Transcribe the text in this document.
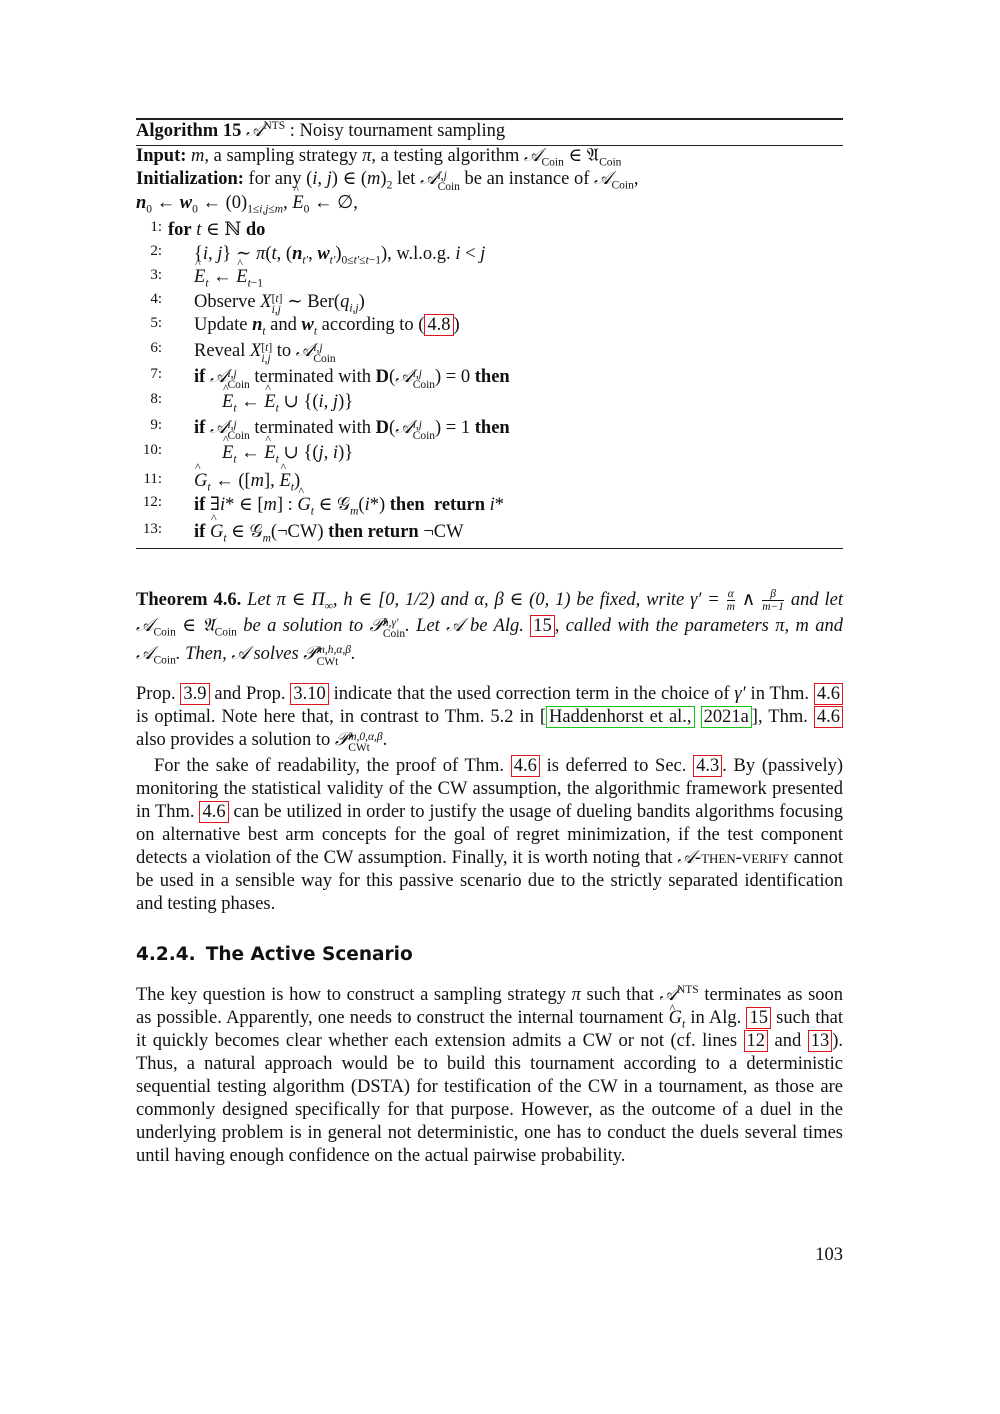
Algorithm 15 𝒜$^{NTS}$ : Noisy tournament sampling
Input: m, a sampling strategy π, a testing algorithm 𝒜$_{Coin}$ ∈ 𝔄$_{Coin}$
Initialization: for any (i, j) ∈ $(m)_2$ let 𝒜 i,j
Coin be an instance of 𝒜$_{Coin}$,
$n_0$ ← $w_0$ ← $(0)_{1\le i,j\le m}$, ^ $E_0$ ← ∅,
1: for t ∈ ℕ do
2: {i, j} ∼ π(t, ($n_{t'}$, $w_{t'})_{0\le t'\le t-1}$), w.l.o.g. i < j
3: ^ $E_t$ ← ^ $E_{t-1}$
4: Observe X [t]
i,j ∼ $Ber(q_{i,j})$
5: Update $n_t$ and $w_t$ according to ( 4.8 )
6: Reveal X [t]
i,j to 𝒜 i,j
Coin
7: if 𝒜 i,j
Coin terminated with D(𝒜 i,j
Coin ) = 0 then
8:	^ $E_t$ ← ^ $E_t$ ∪ {(i, j)}
9: if 𝒜 i,j
Coin terminated with D(𝒜 i,j
Coin ) = 1 then
10:	^ $E_t$ ← ^ $E_t$ ∪ {(j, i)}
11: ^ $G_t$ ← ([m], ^ $E_t$)
12: if ∃i* ∈ [m] : ^ $G_t$ ∈ 𝒢$_m$(i*) then return i*
13: if ^ $G_t$ ∈ 𝒢$_m$(¬CW) then return ¬CW

Theorem 4.6. Let π ∈ $\Pi_\infty$, h ∈ [0, 1/2) and α, β ∈ (0, 1) be fixed, write $\gamma' = \frac{\alpha}{m}$ ∧ $\frac{\beta}{m-1}$ and let 𝒜$_{Coin}$ ∈ 𝔄$_{Coin}$ be a solution to 𝒫 h,γ′
Coin . Let 𝒜 be Alg. 15 , called with the parameters π, m and 𝒜$_{Coin}$. Then, 𝒜 solves 𝒫 m,h,α,β
CWt .

Prop. 3.9 and Prop. 3.10 indicate that the used correction term in the choice of γ′ in Thm. 4.6 is optimal. Note here that, in contrast to Thm. 5.2 in [ Haddenhorst et al., 2021a ], Thm. 4.6 also provides a solution to 𝒫 m,0,α,β
CWt .

For the sake of readability, the proof of Thm. 4.6 is deferred to Sec. 4.3 . By (passively) monitoring the statistical validity of the CW assumption, the algorithmic framework presented in Thm. 4.6 can be utilized in order to justify the usage of dueling bandits algorithms focusing on alternative best arm concepts for the goal of regret minimization, if the test component detects a violation of the CW assumption. Finally, it is worth noting that 𝒜-then-verify cannot be used in a sensible way for this passive scenario due to the strictly separated identification and testing phases.

4.2.4. The Active Scenario

The key question is how to construct a sampling strategy π such that 𝒜$^{NTS}$ terminates as soon as possible. Apparently, one needs to construct the internal tournament ^ $G_t$ in Alg. 15 such that it quickly becomes clear whether each extension admits a CW or not (cf. lines 12 and 13 ). Thus, a natural approach would be to build this tournament according to a deterministic sequential testing algorithm (DSTA) for testification of the CW in a tournament, as those are commonly designed specifically for that purpose. However, as the outcome of a duel in the underlying problem is in general not deterministic, one has to conduct the duels several times until having enough confidence on the actual pairwise probability.

103
